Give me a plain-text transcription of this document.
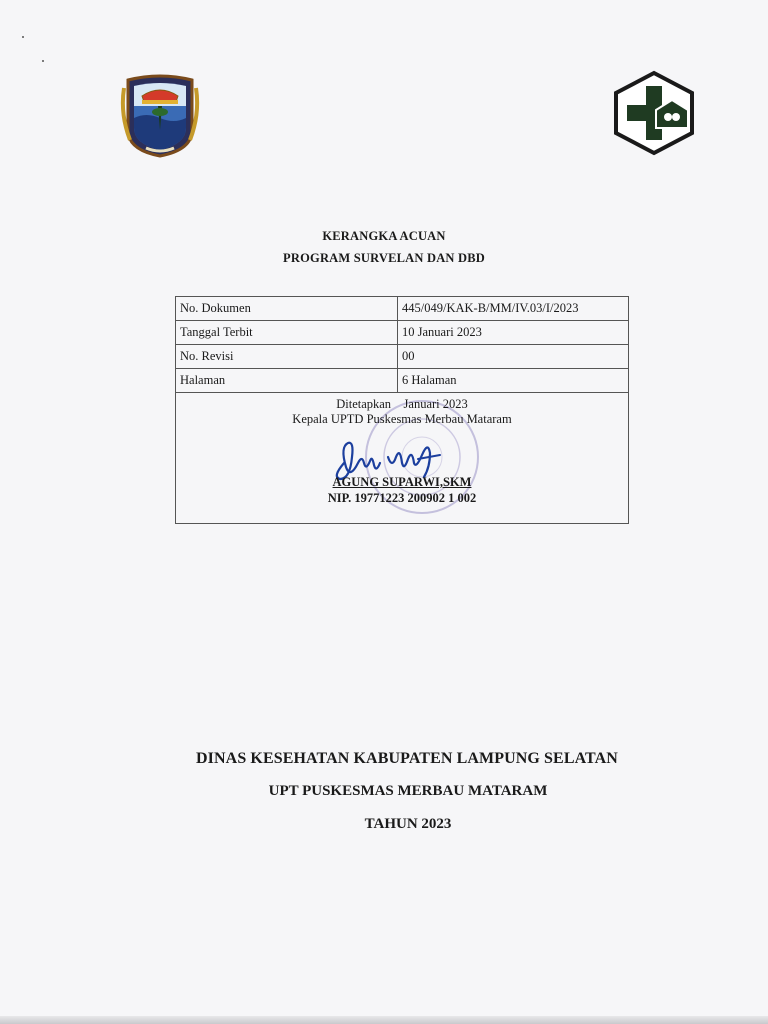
KERANGKA ACUAN
PROGRAM SURVELAN DAN DBD
No. Dokumen	445/049/KAK-B/MM/IV.03/I/2023
Tanggal Terbit	10 Januari 2023
No. Revisi	00
Halaman	6 Halaman

Ditetapkan    Januari 2023
Kepala UPTD Puskesmas Merbau Mataram
AGUNG SUPARWI,SKM
NIP. 19771223 200902 1 002	
DINAS KESEHATAN KABUPATEN LAMPUNG SELATAN
UPT PUSKESMAS MERBAU MATARAM
TAHUN 2023
